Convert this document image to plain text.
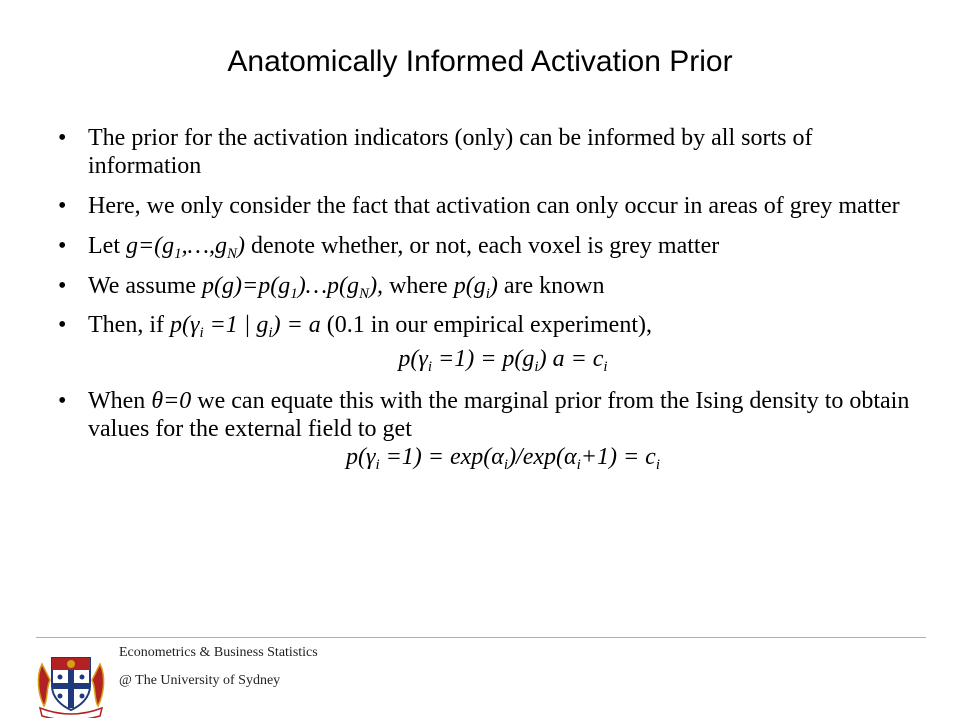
Anatomically Informed Activation Prior
• The prior for the activation indicators (only) can be informed by all sorts of information
• Here, we only consider the fact that activation can only occur in areas of grey matter
• Let $g=(g_1,\dots,g_N)$ denote whether, or not, each voxel is grey matter
• We assume $p(g)=p(g_1)\dots p(g_N)$, where $p(g_i)$ are known
• Then, if $p(\gamma_i =1$ | $g_i) = a$ (0.1 in our empirical experiment),
$p(\gamma_i =1) = p(g_i) a = c_i$
• When θ=0 we can equate this with the marginal prior from the Ising density to obtain values for the external field to get
$p(\gamma_i =1) = \exp(\alpha_i)/\exp(\alpha_i+1) = c_i$
Econometrics & Business Statistics
@ The University of Sydney
